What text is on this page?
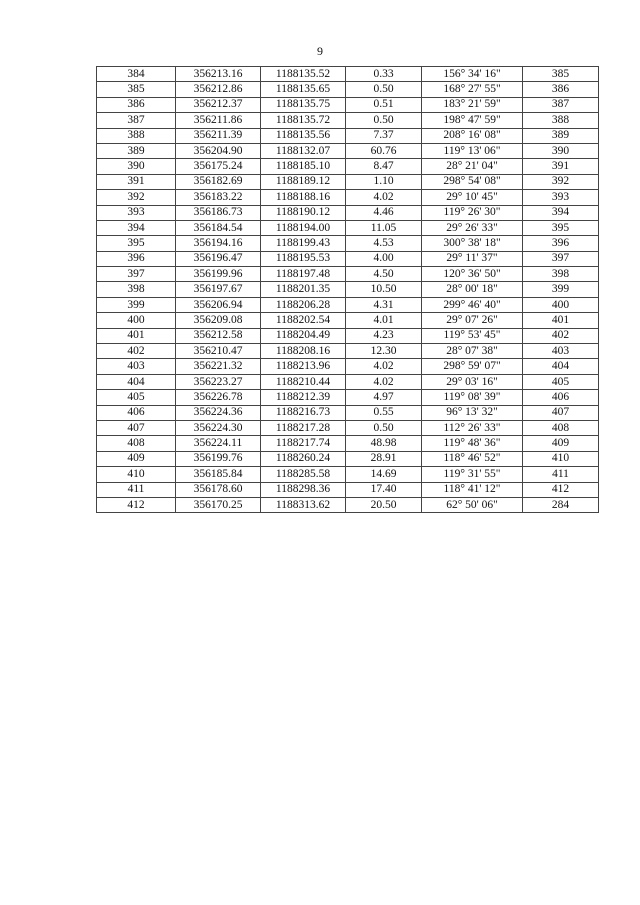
9
384	356213.16	1188135.52	0.33	156° 34' 16"	385
385	356212.86	1188135.65	0.50	168° 27' 55"	386
386	356212.37	1188135.75	0.51	183° 21' 59"	387
387	356211.86	1188135.72	0.50	198° 47' 59"	388
388	356211.39	1188135.56	7.37	208° 16' 08"	389
389	356204.90	1188132.07	60.76	119° 13' 06"	390
390	356175.24	1188185.10	8.47	28° 21' 04"	391
391	356182.69	1188189.12	1.10	298° 54' 08"	392
392	356183.22	1188188.16	4.02	29° 10' 45"	393
393	356186.73	1188190.12	4.46	119° 26' 30"	394
394	356184.54	1188194.00	11.05	29° 26' 33"	395
395	356194.16	1188199.43	4.53	300° 38' 18"	396
396	356196.47	1188195.53	4.00	29° 11' 37"	397
397	356199.96	1188197.48	4.50	120° 36' 50"	398
398	356197.67	1188201.35	10.50	28° 00' 18"	399
399	356206.94	1188206.28	4.31	299° 46' 40"	400
400	356209.08	1188202.54	4.01	29° 07' 26"	401
401	356212.58	1188204.49	4.23	119° 53' 45"	402
402	356210.47	1188208.16	12.30	28° 07' 38"	403
403	356221.32	1188213.96	4.02	298° 59' 07"	404
404	356223.27	1188210.44	4.02	29° 03' 16"	405
405	356226.78	1188212.39	4.97	119° 08' 39"	406
406	356224.36	1188216.73	0.55	96° 13' 32"	407
407	356224.30	1188217.28	0.50	112° 26' 33"	408
408	356224.11	1188217.74	48.98	119° 48' 36"	409
409	356199.76	1188260.24	28.91	118° 46' 52"	410
410	356185.84	1188285.58	14.69	119° 31' 55"	411
411	356178.60	1188298.36	17.40	118° 41' 12"	412
412	356170.25	1188313.62	20.50	62° 50' 06"	284
